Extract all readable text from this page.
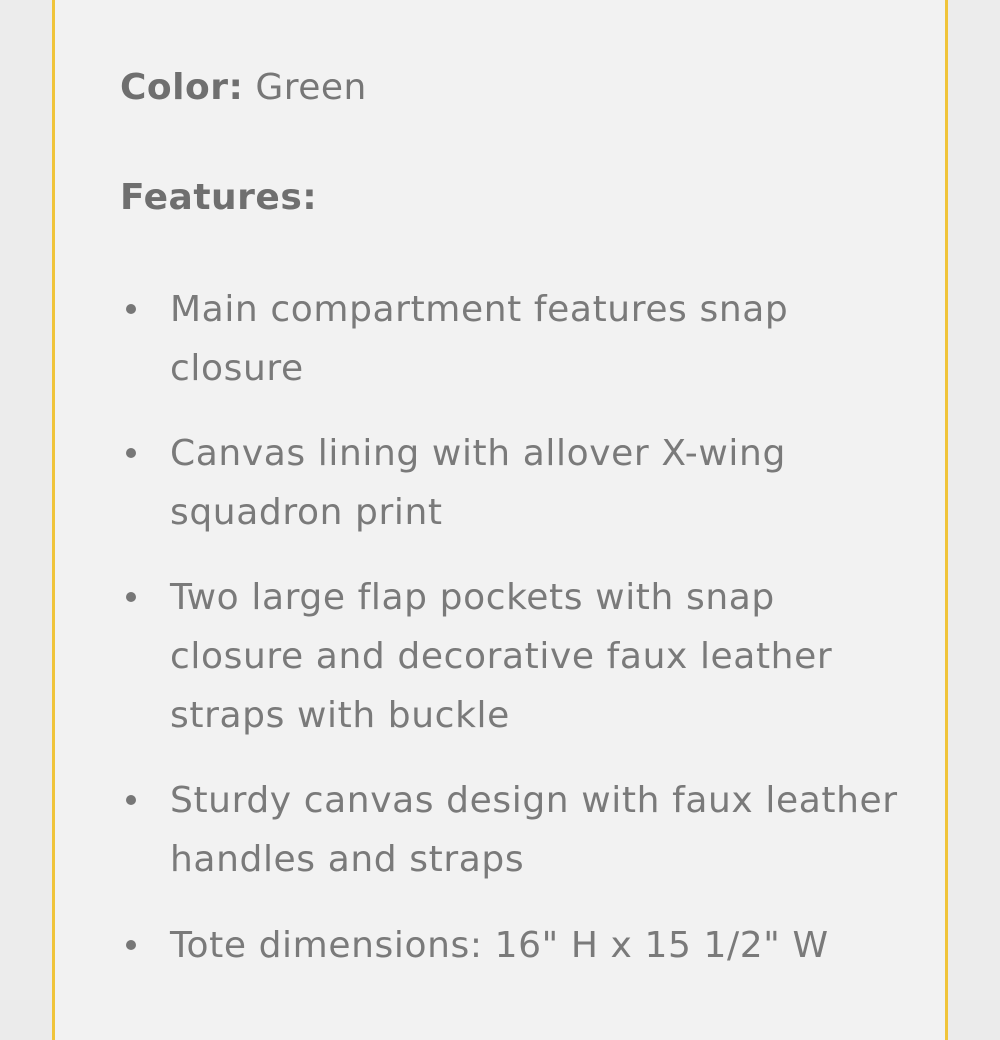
Color: Green
Features:
Main compartment features snap closure
Canvas lining with allover X-wing squadron print
Two large flap pockets with snap closure and decorative faux leather straps with buckle
Sturdy canvas design with faux leather handles and straps
Tote dimensions: 16" H x 15 1/2" W
